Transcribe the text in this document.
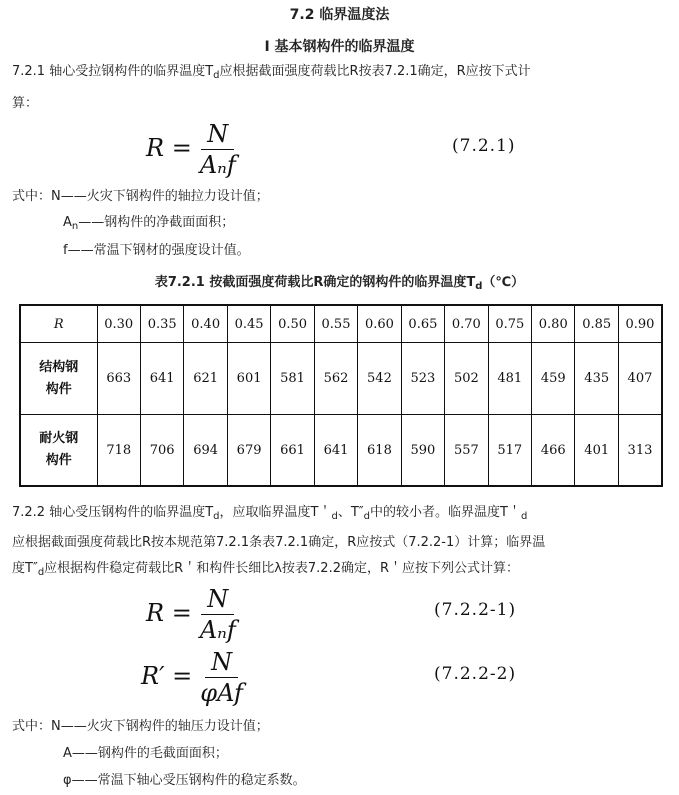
7.2 临界温度法
I 基本钢构件的临界温度
7.2.1 轴心受拉钢构件的临界温度$T_d$应根据截面强度荷载比R按表7.2.1确定，R应按下式计
算：
$R = \frac{N}{\text{Aₙf}}$	(7.2.1)
式中：N——火灾下钢构件的轴拉力设计值；
$A_n——$钢构件的净截面面积；
f——常温下钢材的强度设计值。
表7.2.1 按截面强度荷载比R确定的钢构件的临界温度$T_d(℃)$
R	0.30	0.35	0.40	0.45	0.50	0.55	0.60	0.65	0.70	0.75	0.80	0.85	0.90
结构钢
构件	663	641	621	601	581	562	542	523	502	481	459	435	407
耐火钢
构件	718	706	694	679	661	641	618	590	557	517	466	401	313
7.2.2 轴心受压钢构件的临界温度$T_d$，应取临界温度T＇$_d$、$T''_d$中的较小者。临界温度T＇$_d$
应根据截面强度荷载比R按本规范第7.2.1条表7.2.1确定，R应按式（7.2.2-1）计算；临界温
度$T''_d$应根据构件稳定荷载比R＇和构件长细比λ按表7.2.2确定，R＇应按下列公式计算：
$R = \frac{N}{\text{Aₙf}}$	(7.2.2-1)
$R' = \frac{N}{\text{φAf}}$	(7.2.2-2)
式中：N——火灾下钢构件的轴压力设计值；
A——钢构件的毛截面面积；
φ——常温下轴心受压钢构件的稳定系数。
